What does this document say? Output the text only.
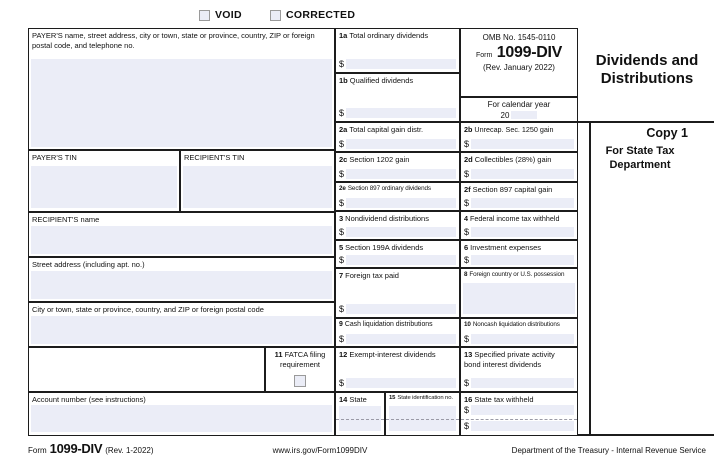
VOID	CORRECTED
PAYER'S name, street address, city or town, state or province, country, ZIP or foreign postal code, and telephone no.
PAYER'S TIN	RECIPIENT'S TIN
RECIPIENT'S name
Street address (including apt. no.)
City or town, state or province, country, and ZIP or foreign postal code
11 FATCA filing requirement
Account number (see instructions)
1a Total ordinary dividends
$
1b Qualified dividends
$
2a Total capital gain distr.
$
2c Section 1202 gain
$
2e Section 897 ordinary dividends
$
3 Nondividend distributions
$
5 Section 199A dividends
$
7 Foreign tax paid
$
9 Cash liquidation distributions
$
12 Exempt-interest dividends
$
14 State	15 State identification no.
OMB No. 1545-0110
Form 1099-DIV
(Rev. January 2022)
For calendar year
20
2b Unrecap. Sec. 1250 gain
$
2d Collectibles (28%) gain
$
2f Section 897 capital gain
$
4 Federal income tax withheld
$
6 Investment expenses
$
8 Foreign country or U.S. possession
10 Noncash liquidation distributions
$
13 Specified private activity bond interest dividends
$
16 State tax withheld
$
$
Dividends and
Distributions
Copy 1
For State Tax
Department
Form 1099-DIV (Rev. 1-2022)	www.irs.gov/Form1099DIV	Department of the Treasury - Internal Revenue Service
